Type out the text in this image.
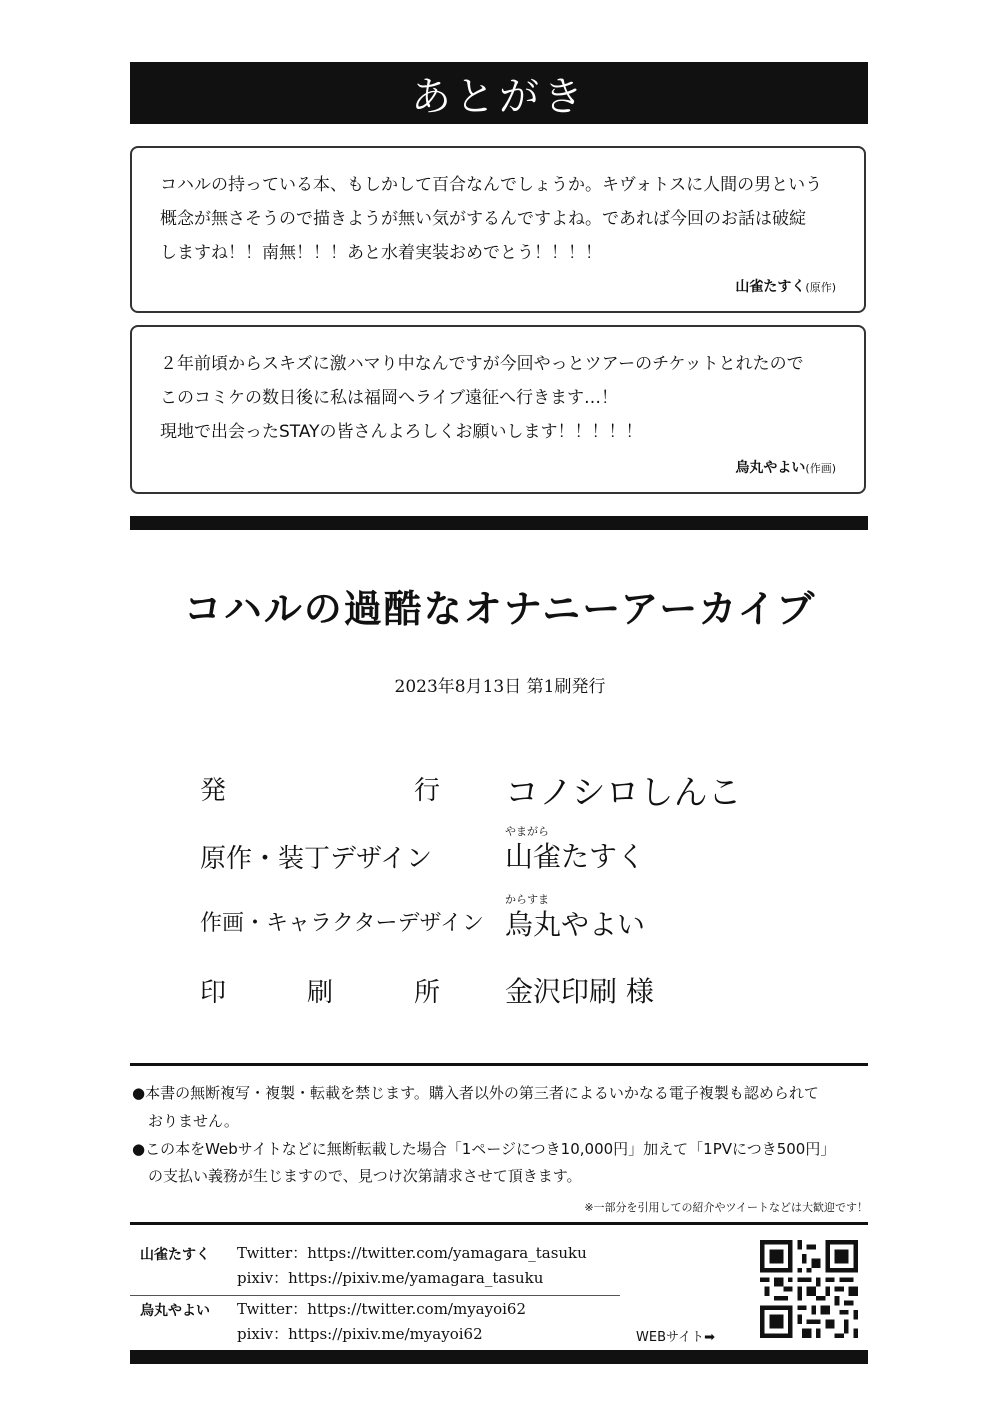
あとがき
コハルの持っている本、もしかして百合なんでしょうか。キヴォトスに人間の男という
概念が無さそうので描きようが無い気がするんですよね。であれば今回のお話は破綻
しますね！！南無！！！あと水着実装おめでとう！！！！
山雀たすく(原作)
２年前頃からスキズに激ハマり中なんですが今回やっとツアーのチケットとれたので
このコミケの数日後に私は福岡へライブ遠征へ行きます…！
現地で出会ったSTAYの皆さんよろしくお願いします！！！！！
烏丸やよい(作画)
コハルの過酷なオナニーアーカイブ
2023年8月13日 第1刷発行
発	行 コノシロしんこ
やまがら
原作・装丁デザイン	山雀たすく
からすま
作画・キャラクターデザイン 烏丸やよい
印	刷	所 金沢印刷 様
●本書の無断複写・複製・転載を禁じます。購入者以外の第三者によるいかなる電子複製も認められて
おりません。
●この本をWebサイトなどに無断転載した場合「1ページにつき10,000円」加えて「1PVにつき500円」
の支払い義務が生じますので、見つけ次第請求させて頂きます。
※一部分を引用しての紹介やツイートなどは大歓迎です！
山雀たすく Twitter：https://twitter.com/yamagara_tasuku
pixiv：https://pixiv.me/yamagara_tasuku
烏丸やよい Twitter：https://twitter.com/myayoi62
pixiv：https://pixiv.me/myayoi62	WEBサイト➡
